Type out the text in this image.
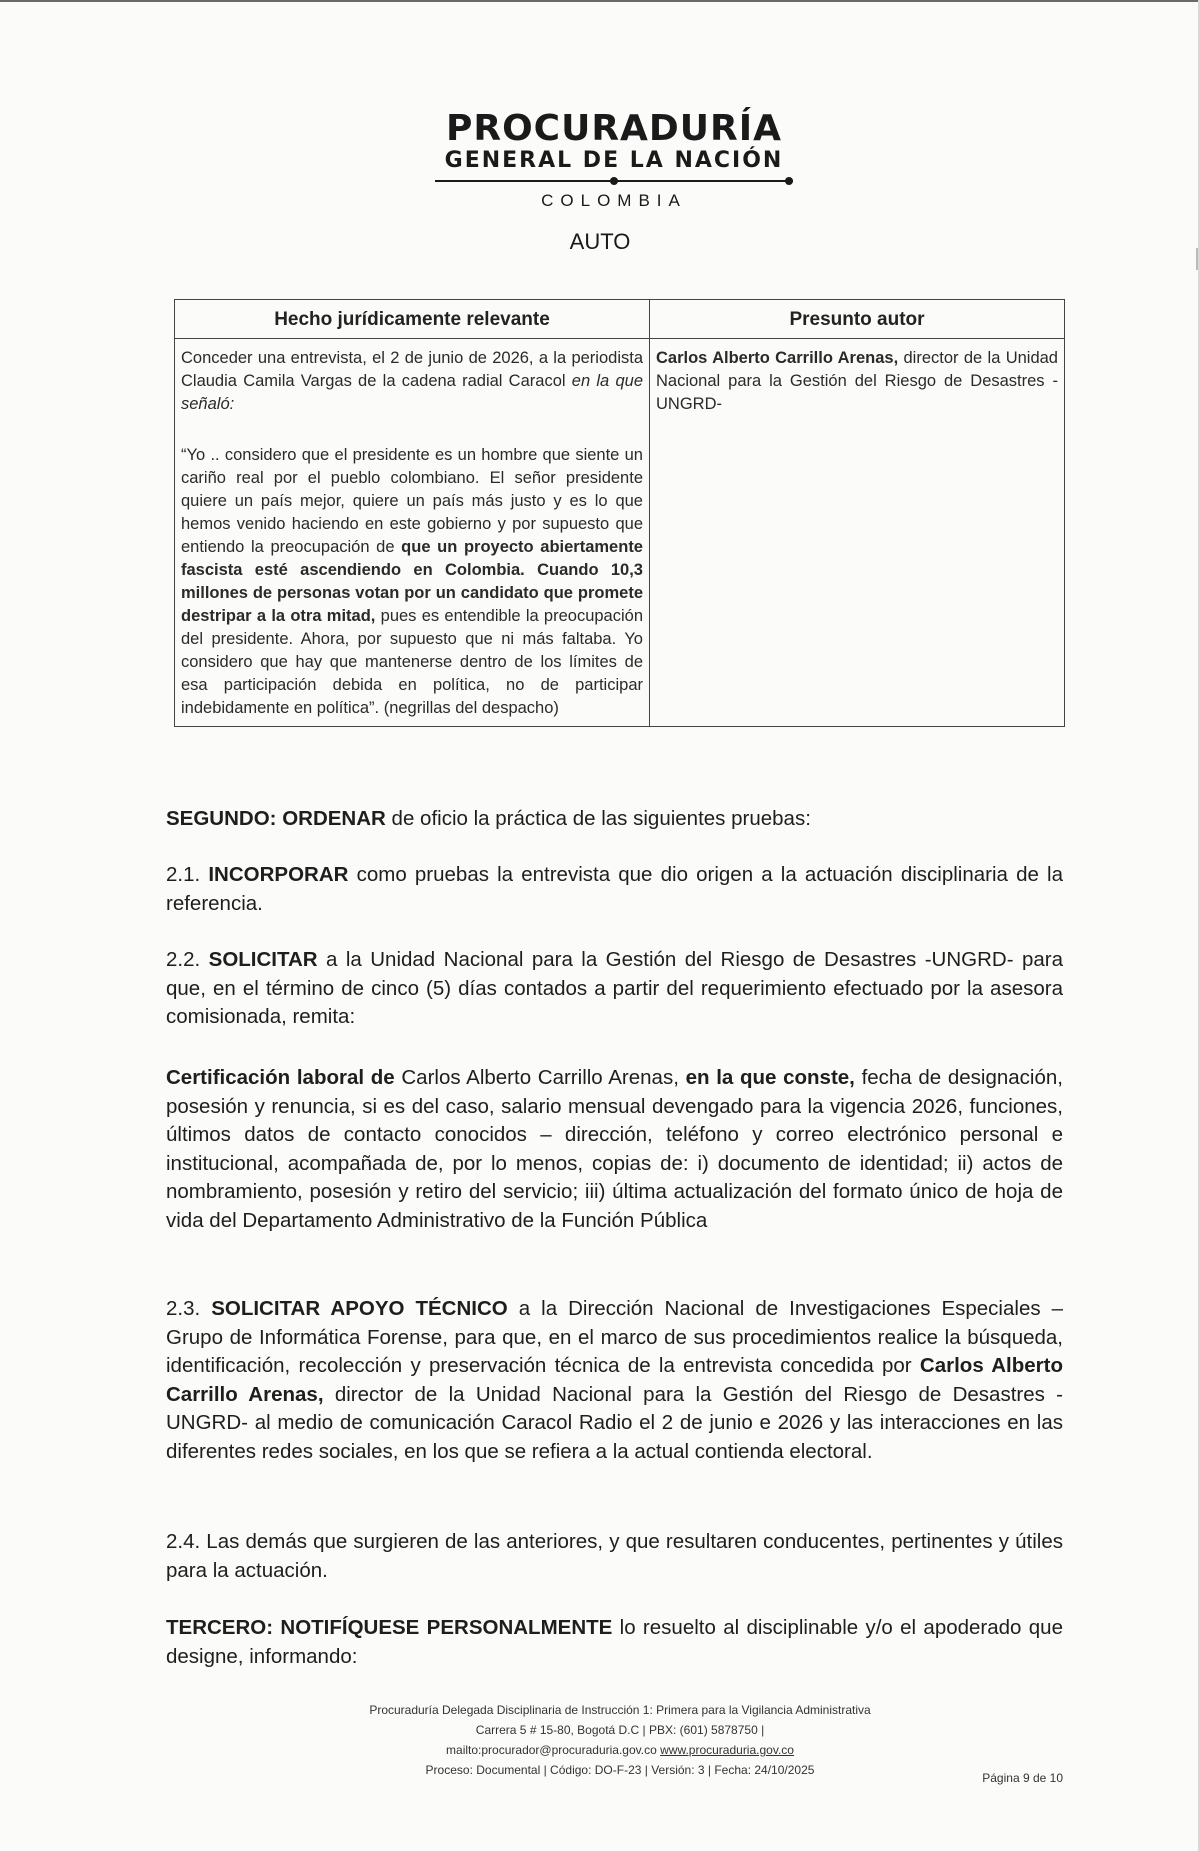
PROCURADURÍA
GENERAL DE LA NACIÓN
COLOMBIA
AUTO
Hecho jurídicamente relevante	Presunto autor

Conceder una entrevista, el 2 de junio de 2026, a la periodista Claudia Camila Vargas de la cadena radial Caracol en la que señaló:

“Yo .. considero que el presidente es un hombre que siente un cariño real por el pueblo colombiano. El señor presidente quiere un país mejor, quiere un país más justo y es lo que hemos venido haciendo en este gobierno y por supuesto que entiendo la preocupación de que un proyecto abiertamente fascista esté ascendiendo en Colombia. Cuando 10,3 millones de personas votan por un candidato que promete destripar a la otra mitad, pues es entendible la preocupación del presidente. Ahora, por supuesto que ni más faltaba. Yo considero que hay que mantenerse dentro de los límites de esa participación debida en política, no de participar indebidamente en política”. (negrillas del despacho)	Carlos Alberto Carrillo Arenas, director de la Unidad Nacional para la Gestión del Riesgo de Desastres -UNGRD-

SEGUNDO: ORDENAR de oficio la práctica de las siguientes pruebas:

2.1. INCORPORAR como pruebas la entrevista que dio origen a la actuación disciplinaria de la referencia.

2.2. SOLICITAR a la Unidad Nacional para la Gestión del Riesgo de Desastres -UNGRD- para que, en el término de cinco (5) días contados a partir del requerimiento efectuado por la asesora comisionada, remita:

Certificación laboral de Carlos Alberto Carrillo Arenas, en la que conste, fecha de designación, posesión y renuncia, si es del caso, salario mensual devengado para la vigencia 2026, funciones, últimos datos de contacto conocidos – dirección, teléfono y correo electrónico personal e institucional, acompañada de, por lo menos, copias de: i) documento de identidad; ii) actos de nombramiento, posesión y retiro del servicio; iii) última actualización del formato único de hoja de vida del Departamento Administrativo de la Función Pública

2.3. SOLICITAR APOYO TÉCNICO a la Dirección Nacional de Investigaciones Especiales – Grupo de Informática Forense, para que, en el marco de sus procedimientos realice la búsqueda, identificación, recolección y preservación técnica de la entrevista concedida por Carlos Alberto Carrillo Arenas, director de la Unidad Nacional para la Gestión del Riesgo de Desastres -UNGRD- al medio de comunicación Caracol Radio el 2 de junio e 2026 y las interacciones en las diferentes redes sociales, en los que se refiera a la actual contienda electoral.

2.4. Las demás que surgieren de las anteriores, y que resultaren conducentes, pertinentes y útiles para la actuación.

TERCERO: NOTIFÍQUESE PERSONALMENTE lo resuelto al disciplinable y/o el apoderado que designe, informando:

Procuraduría Delegada Disciplinaria de Instrucción 1: Primera para la Vigilancia Administrativa
Carrera 5 # 15-80, Bogotá D.C | PBX: (601) 5878750 |
mailto:procurador@procuraduria.gov.co www.procuraduria.gov.co
Proceso: Documental | Código: DO-F-23 | Versión: 3 | Fecha: 24/10/2025
Página 9 de 10
